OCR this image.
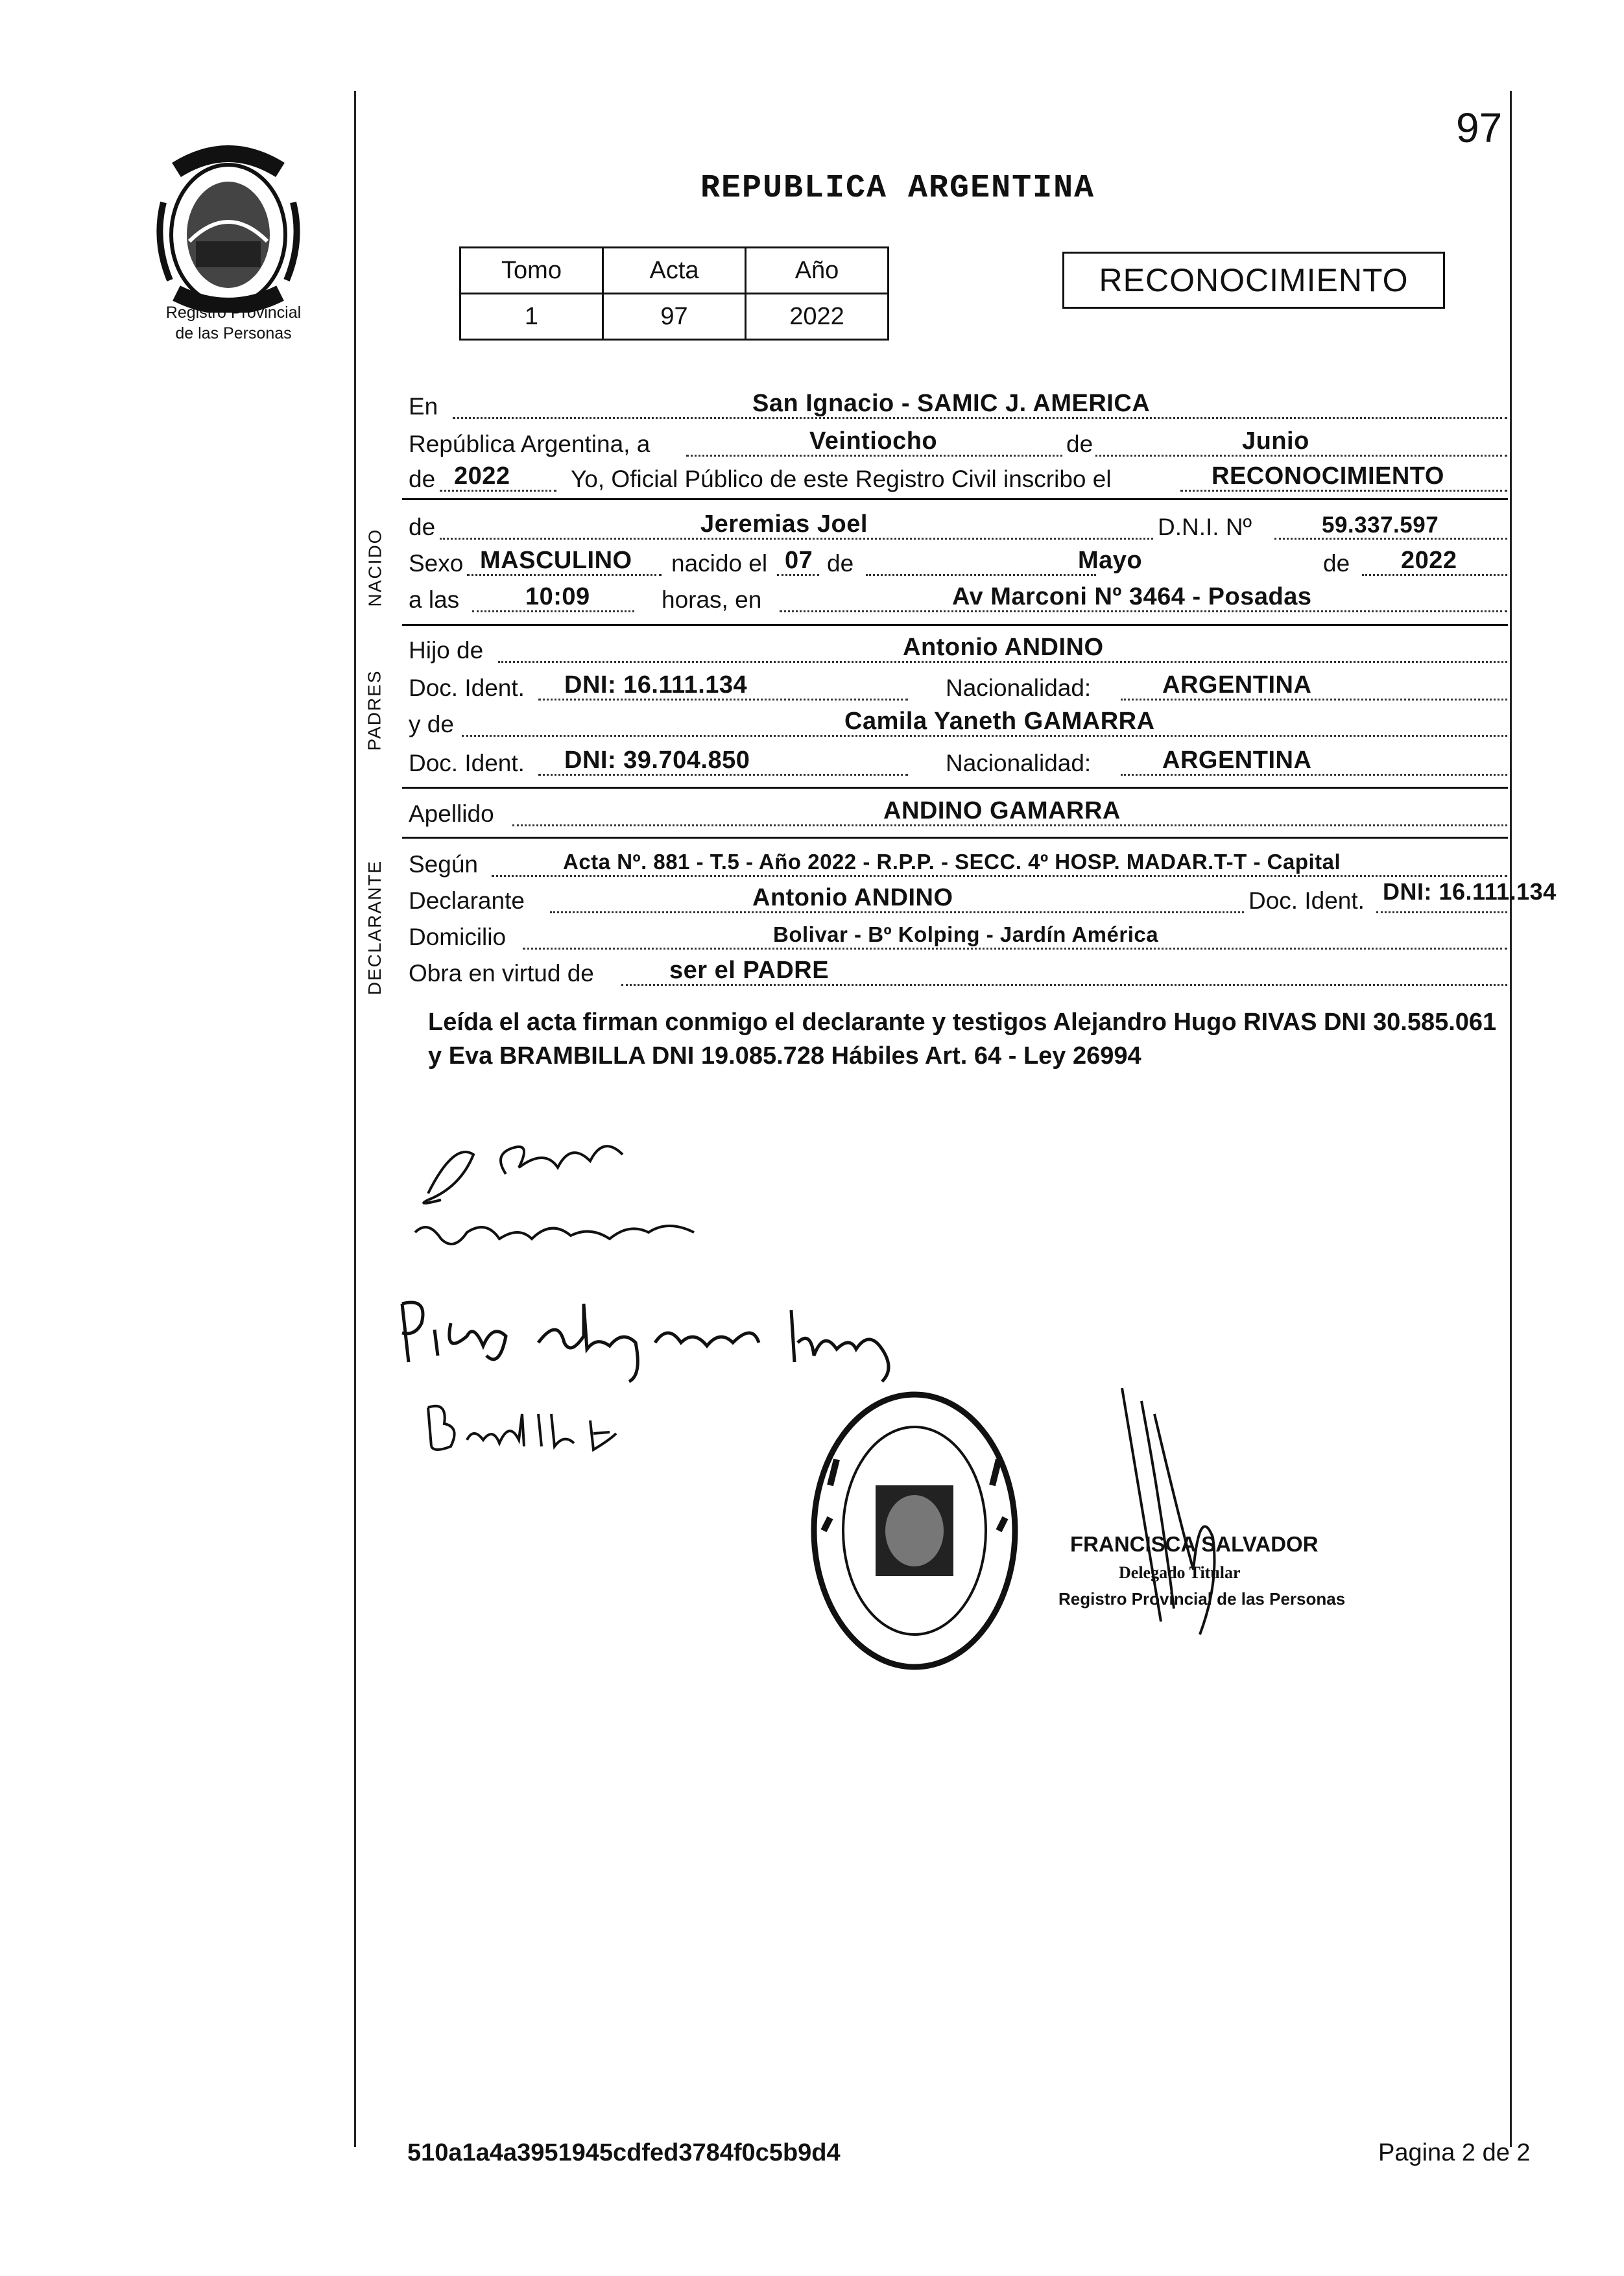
97
Registro Provincial
de las Personas
REPUBLICA ARGENTINA
Tomo	Acta	Año
1	97	2022
RECONOCIMIENTO
NACIDO
PADRES
DECLARANTE
En	San Ignacio - SAMIC J. AMERICA
República Argentina, a	Veintiocho	de	Junio
de 2022	Yo, Oficial Público de este Registro Civil inscribo el	RECONOCIMIENTO
de	Jeremias Joel	D.N.I. Nº	59.337.597
Sexo MASCULINO nacido el 07 de	Mayo	de 2022
a las	10:09	horas, en	Av Marconi Nº 3464 - Posadas
Hijo de	Antonio ANDINO
Doc. Ident. DNI: 16.111.134	Nacionalidad:	ARGENTINA
y de	Camila Yaneth GAMARRA
Doc. Ident. DNI: 39.704.850	Nacionalidad:	ARGENTINA
Apellido	ANDINO GAMARRA
Según	Acta Nº. 881 - T.5 - Año 2022 - R.P.P. - SECC. 4º HOSP. MADAR.T-T - Capital
Declarante	Antonio ANDINO	Doc. Ident. DNI: 16.111.134
Domicilio	Bolivar - Bº Kolping - Jardín América
Obra en virtud de	ser el PADRE
Leída el acta firman conmigo el declarante y testigos Alejandro Hugo RIVAS DNI 30.585.061 y Eva BRAMBILLA DNI 19.085.728 Hábiles Art. 64 - Ley 26994
FRANCISCA SALVADOR
Delegado Titular
Registro Provincial de las Personas
510a1a4a3951945cdfed3784f0c5b9d4	Pagina 2 de 2
